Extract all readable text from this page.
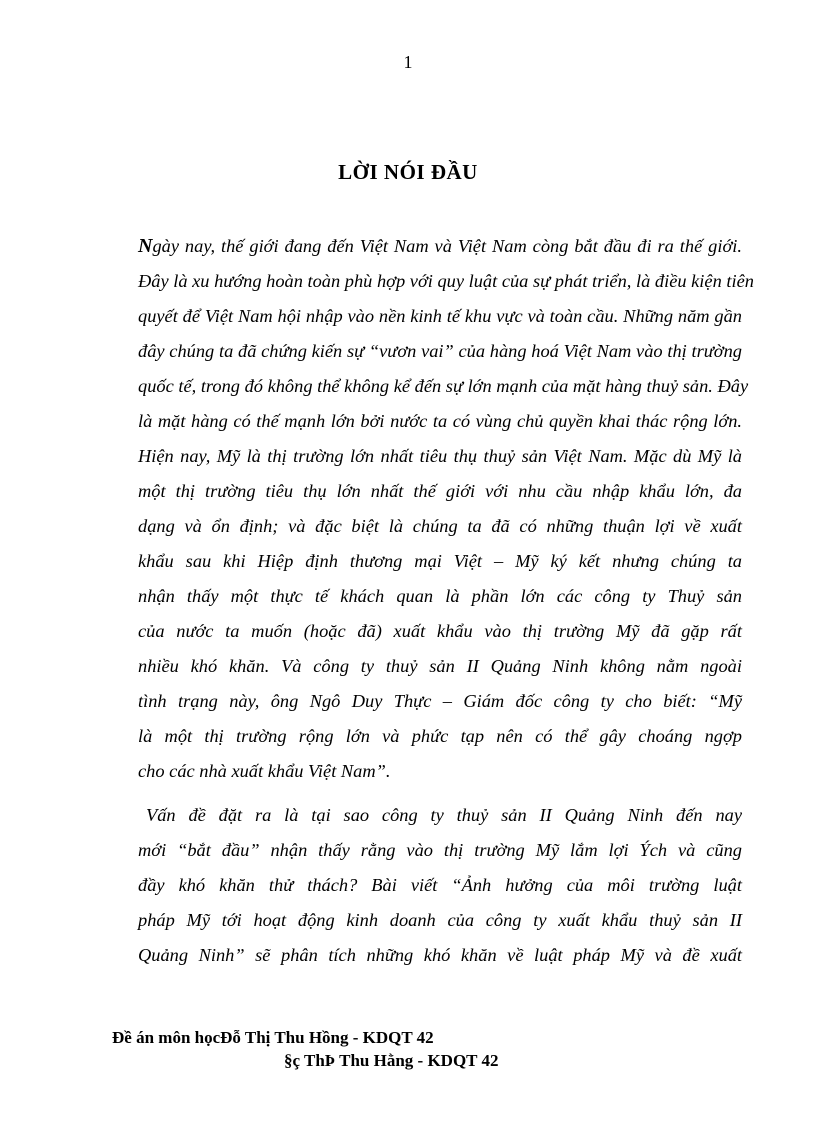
1
LỜI NÓI ĐẦU
Ngày nay, thế giới đang đến Việt Nam và Việt Nam còng bắt đầu đi ra thế giới.
Đây là xu hướng hoàn toàn phù hợp với quy luật của sự phát triển, là điều kiện tiên
quyết để Việt Nam hội nhập vào nền kinh tế khu vực và toàn cầu. Những năm gần
đây chúng ta đã chứng kiến sự “vươn vai” của hàng hoá Việt Nam vào thị trường
quốc tế, trong đó không thể không kể đến sự lớn mạnh của mặt hàng thuỷ sản. Đây
là mặt hàng có thế mạnh lớn bởi nước ta có vùng chủ quyền khai thác rộng lớn.
Hiện nay, Mỹ là thị trường lớn nhất tiêu thụ thuỷ sản Việt Nam. Mặc dù Mỹ là
một thị trường tiêu thụ lớn nhất thế giới với nhu cầu nhập khẩu lớn, đa
dạng và ổn định; và đặc biệt là chúng ta đã có những thuận lợi về xuất
khẩu sau khi Hiệp định thương mại Việt – Mỹ ký kết nhưng chúng ta
nhận thấy một thực tế khách quan là phần lớn các công ty Thuỷ sản
của nước ta muốn (hoặc đã) xuất khẩu vào thị trường Mỹ đã gặp rất
nhiều khó khăn. Và công ty thuỷ sản II Quảng Ninh không nằm ngoài
tình trạng này, ông Ngô Duy Thực – Giám đốc công ty cho biết: “Mỹ
là một thị trường rộng lớn và phức tạp nên có thể gây choáng ngợp
cho các nhà xuất khẩu Việt Nam”.
Vấn đề đặt ra là tại sao công ty thuỷ sản II Quảng Ninh đến nay
mới “bắt đầu” nhận thấy rằng vào thị trường Mỹ lắm lợi Ých và cũng
đầy khó khăn thử thách? Bài viết “Ảnh hưởng của môi trường luật
pháp Mỹ tới hoạt động kinh doanh của công ty xuất khẩu thuỷ sản II
Quảng Ninh” sẽ phân tích những khó khăn về luật pháp Mỹ và đề xuất
Đề án môn họcĐỗ Thị Thu Hồng - KDQT 42
§ç ThÞ Thu Hằng - KDQT 42
